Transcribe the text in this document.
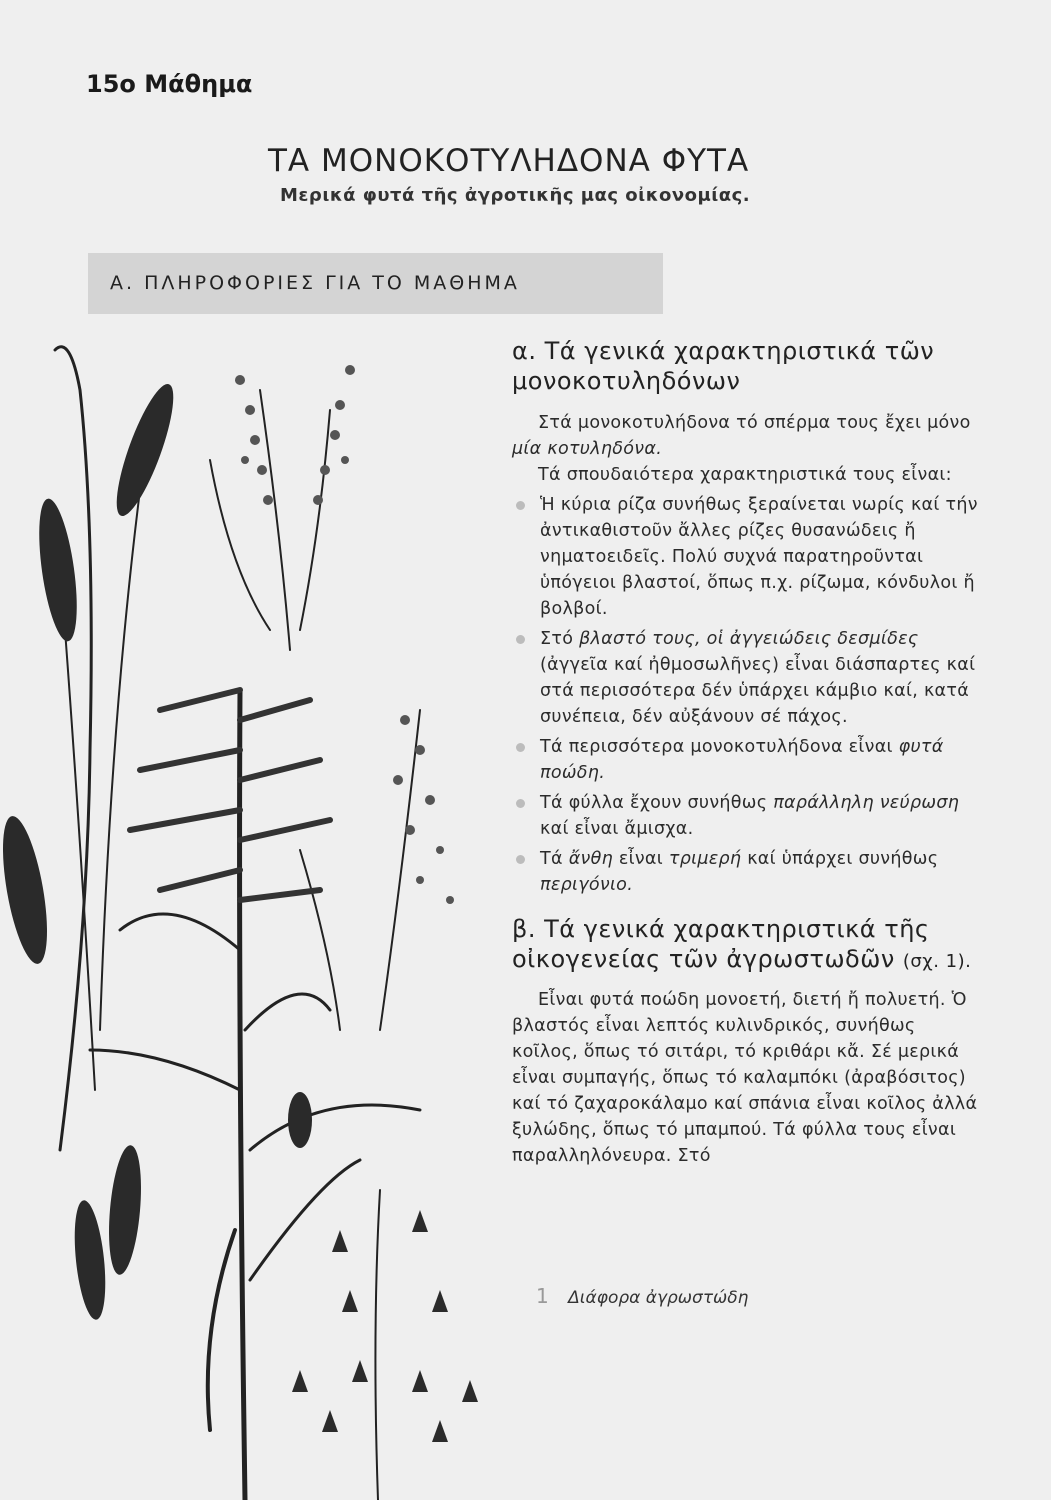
15ο Μάθημα
ΤΑ ΜΟΝΟΚΟΤΥΛΗΔΟΝΑ ΦΥΤΑ
Μερικά φυτά τῆς ἀγροτικῆς μας οἰκονομίας.
Α. ΠΛΗΡΟΦΟΡΙΕΣ ΓΙΑ ΤΟ ΜΑΘΗΜΑ
α. Τά γενικά χαρακτηριστικά τῶν μονοκοτυληδόνων
Στά μονοκοτυλήδονα τό σπέρμα τους ἔχει μόνο μία κοτυληδόνα.
Τά σπουδαιότερα χαρακτηριστικά τους εἶναι:
Ἡ κύρια ρίζα συνήθως ξεραίνεται νωρίς καί τήν ἀντικαθιστοῦν ἄλλες ρίζες θυσανώδεις ἤ νηματοειδεῖς. Πολύ συχνά παρατηροῦνται ὑπόγειοι βλαστοί, ὅπως π.χ. ρίζωμα, κόνδυλοι ἤ βολβοί.
Στό βλαστό τους, οἱ ἀγγειώδεις δεσμίδες (ἀγγεῖα καί ἠθμοσωλῆνες) εἶναι διάσπαρτες καί στά περισσότερα δέν ὑπάρχει κάμβιο καί, κατά συνέπεια, δέν αὐξάνουν σέ πάχος.
Τά περισσότερα μονοκοτυλήδονα εἶναι φυτά ποώδη.
Τά φύλλα ἔχουν συνήθως παράλληλη νεύρωση καί εἶναι ἄμισχα.
Τά ἄνθη εἶναι τριμερή καί ὑπάρχει συνήθως περιγόνιο.
β. Τά γενικά χαρακτηριστικά τῆς οἰκογενείας τῶν ἀγρωστωδῶν (σχ. 1).
Εἶναι φυτά ποώδη μονοετή, διετή ἤ πολυετή. Ὁ βλαστός εἶναι λεπτός κυλινδρικός, συνήθως κοῖλος, ὅπως τό σιτάρι, τό κριθάρι κἄ. Σέ μερικά εἶναι συμπαγής, ὅπως τό καλαμπόκι (ἀραβόσιτος) καί τό ζαχαροκάλαμο καί σπάνια εἶναι κοῖλος ἀλλά ξυλώδης, ὅπως τό μπαμπού. Τά φύλλα τους εἶναι παραλληλόνευρα. Στό
1 Διάφορα ἀγρωστώδη
